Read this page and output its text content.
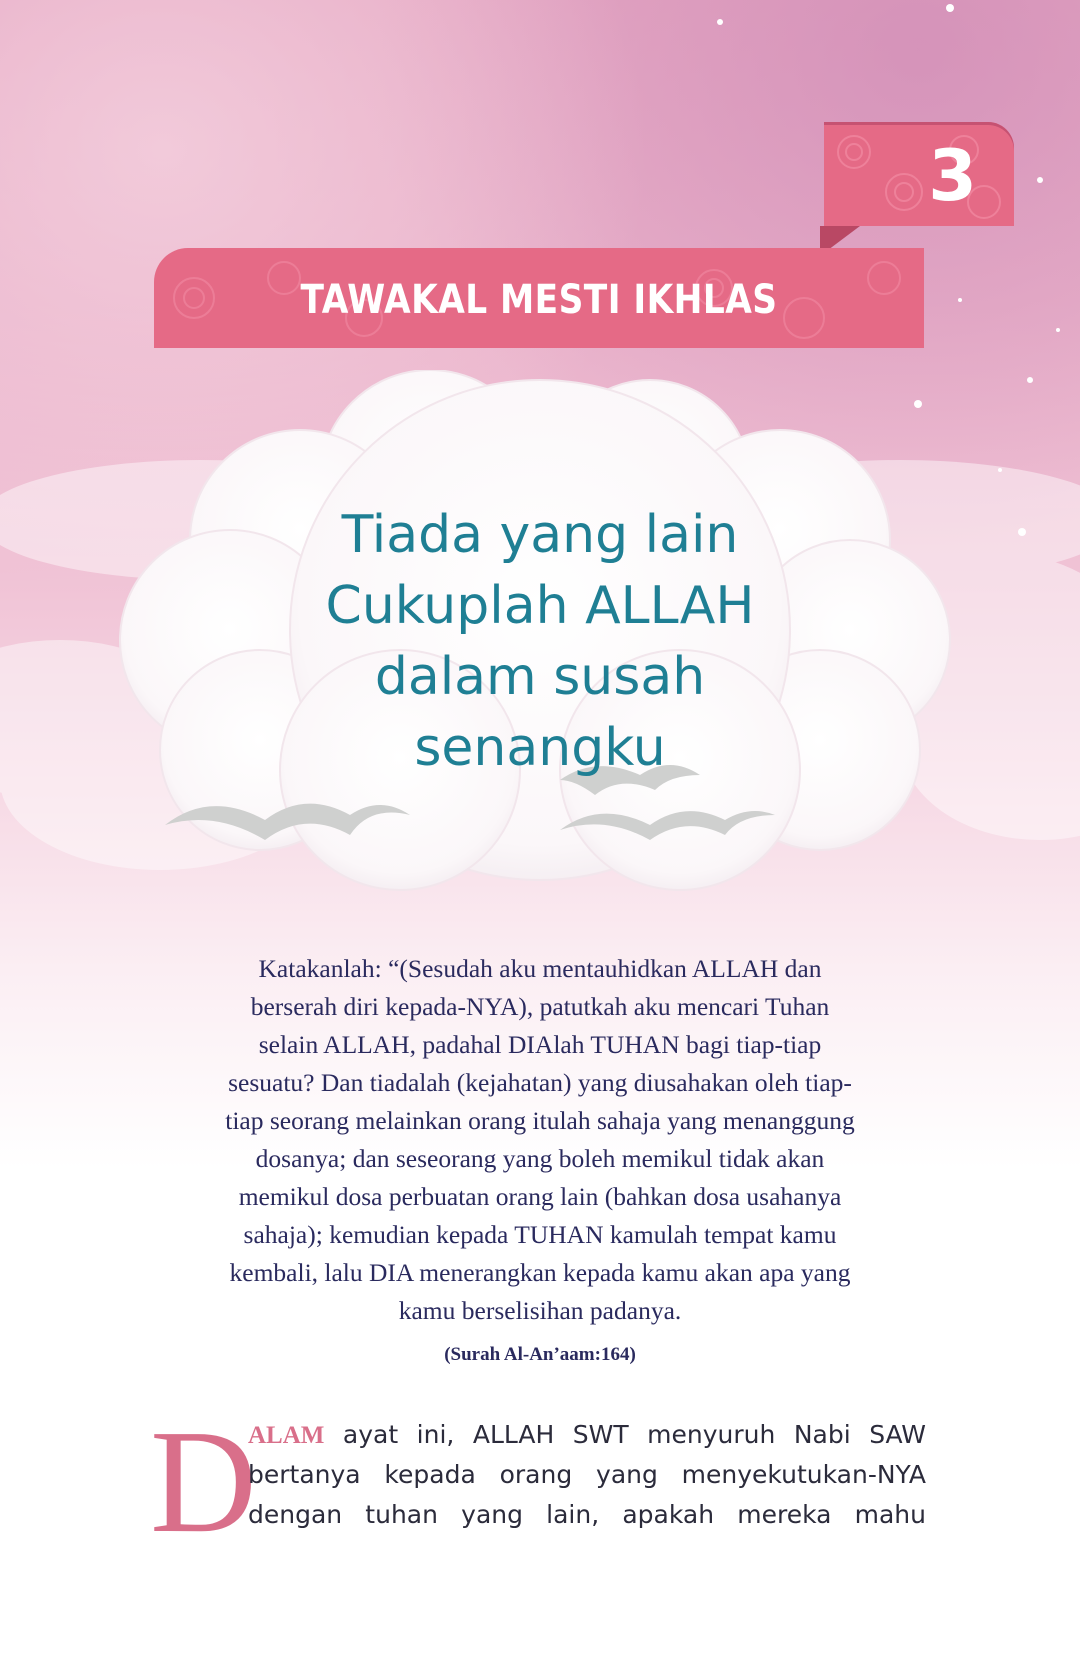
3
TAWAKAL MESTI IKHLAS
Tiada yang lain
Cukuplah ALLAH
dalam susah
senangku
Katakanlah: “(Sesudah aku mentauhidkan ALLAH dan
berserah diri kepada-NYA), patutkah aku mencari Tuhan
selain ALLAH, padahal DIAlah TUHAN bagi tiap-tiap
sesuatu? Dan tiadalah (kejahatan) yang diusahakan oleh tiap-
tiap seorang melainkan orang itulah sahaja yang menanggung
dosanya; dan seseorang yang boleh memikul tidak akan
memikul dosa perbuatan orang lain (bahkan dosa usahanya
sahaja); kemudian kepada TUHAN kamulah tempat kamu
kembali, lalu DIA menerangkan kepada kamu akan apa yang
kamu berselisihan padanya.
(Surah Al-An’aam:164)
D
ALAM ayat ini, ALLAH SWT menyuruh Nabi SAW
bertanya kepada orang yang menyekutukan-NYA
dengan tuhan yang lain, apakah mereka mahu
